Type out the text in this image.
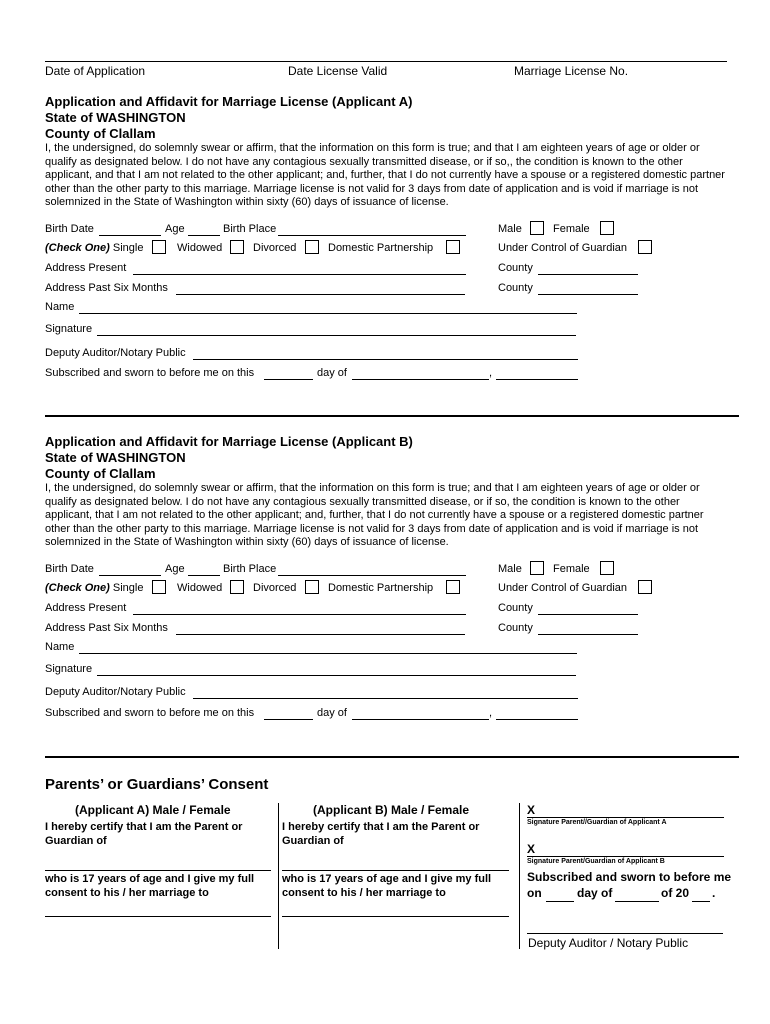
Date of Application	Date License Valid	Marriage License No.
Application and Affidavit for Marriage License (Applicant A)
State of WASHINGTON
County of Clallam
I, the undersigned, do solemnly swear or affirm, that the information on this form is true; and that I am eighteen years of age or older or qualify as designated below. I do not have any contagious sexually transmitted disease, or if so,, the condition is known to the other applicant, and that I am not related to the other applicant; and, further, that I do not currently have a spouse or a registered domestic partner other than the other party to this marriage. Marriage license is not valid for 3 days from date of application and is void if marriage is not solemnized in the State of Washington within sixty (60) days of issuance of license.
Birth Date	Age	Birth Place	Male	Female
(Check One) Single	Widowed	Divorced	Domestic Partnership	Under Control of Guardian
Address Present	County
Address Past Six Months	County
Name
Signature
Deputy Auditor/Notary Public
Subscribed and sworn to before me on this	day of	,
Application and Affidavit for Marriage License (Applicant B)
State of WASHINGTON
County of Clallam
I, the undersigned, do solemnly swear or affirm, that the information on this form is true; and that I am eighteen years of age or older or qualify as designated below. I do not have any contagious sexually transmitted disease, or if so, the condition is known to the other applicant, that I am not related to the other applicant; and, further, that I do not currently have a spouse or a registered domestic partner other than the other party to this marriage. Marriage license is not valid for 3 days from date of application and is void if marriage is not solemnized in the State of Washington within sixty (60) days of issuance of license.
Birth Date	Age	Birth Place	Male	Female
(Check One) Single	Widowed	Divorced	Domestic Partnership	Under Control of Guardian
Address Present	County
Address Past Six Months	County
Name
Signature
Deputy Auditor/Notary Public
Subscribed and sworn to before me on this	day of	,
Parents’ or Guardians’ Consent
(Applicant A) Male / Female
I hereby certify that I am the Parent or
Guardian of
who is 17 years of age and I give my full
consent to his / her marriage to
(Applicant B) Male / Female
I hereby certify that I am the Parent or
Guardian of
who is 17 years of age and I give my full
consent to his / her marriage to
X
Signature Parent//Guardian of Applicant A
X
Signature Parent/Guardian of Applicant B
Subscribed and sworn to before me
on	day of	of 20 .
Deputy Auditor / Notary Public
